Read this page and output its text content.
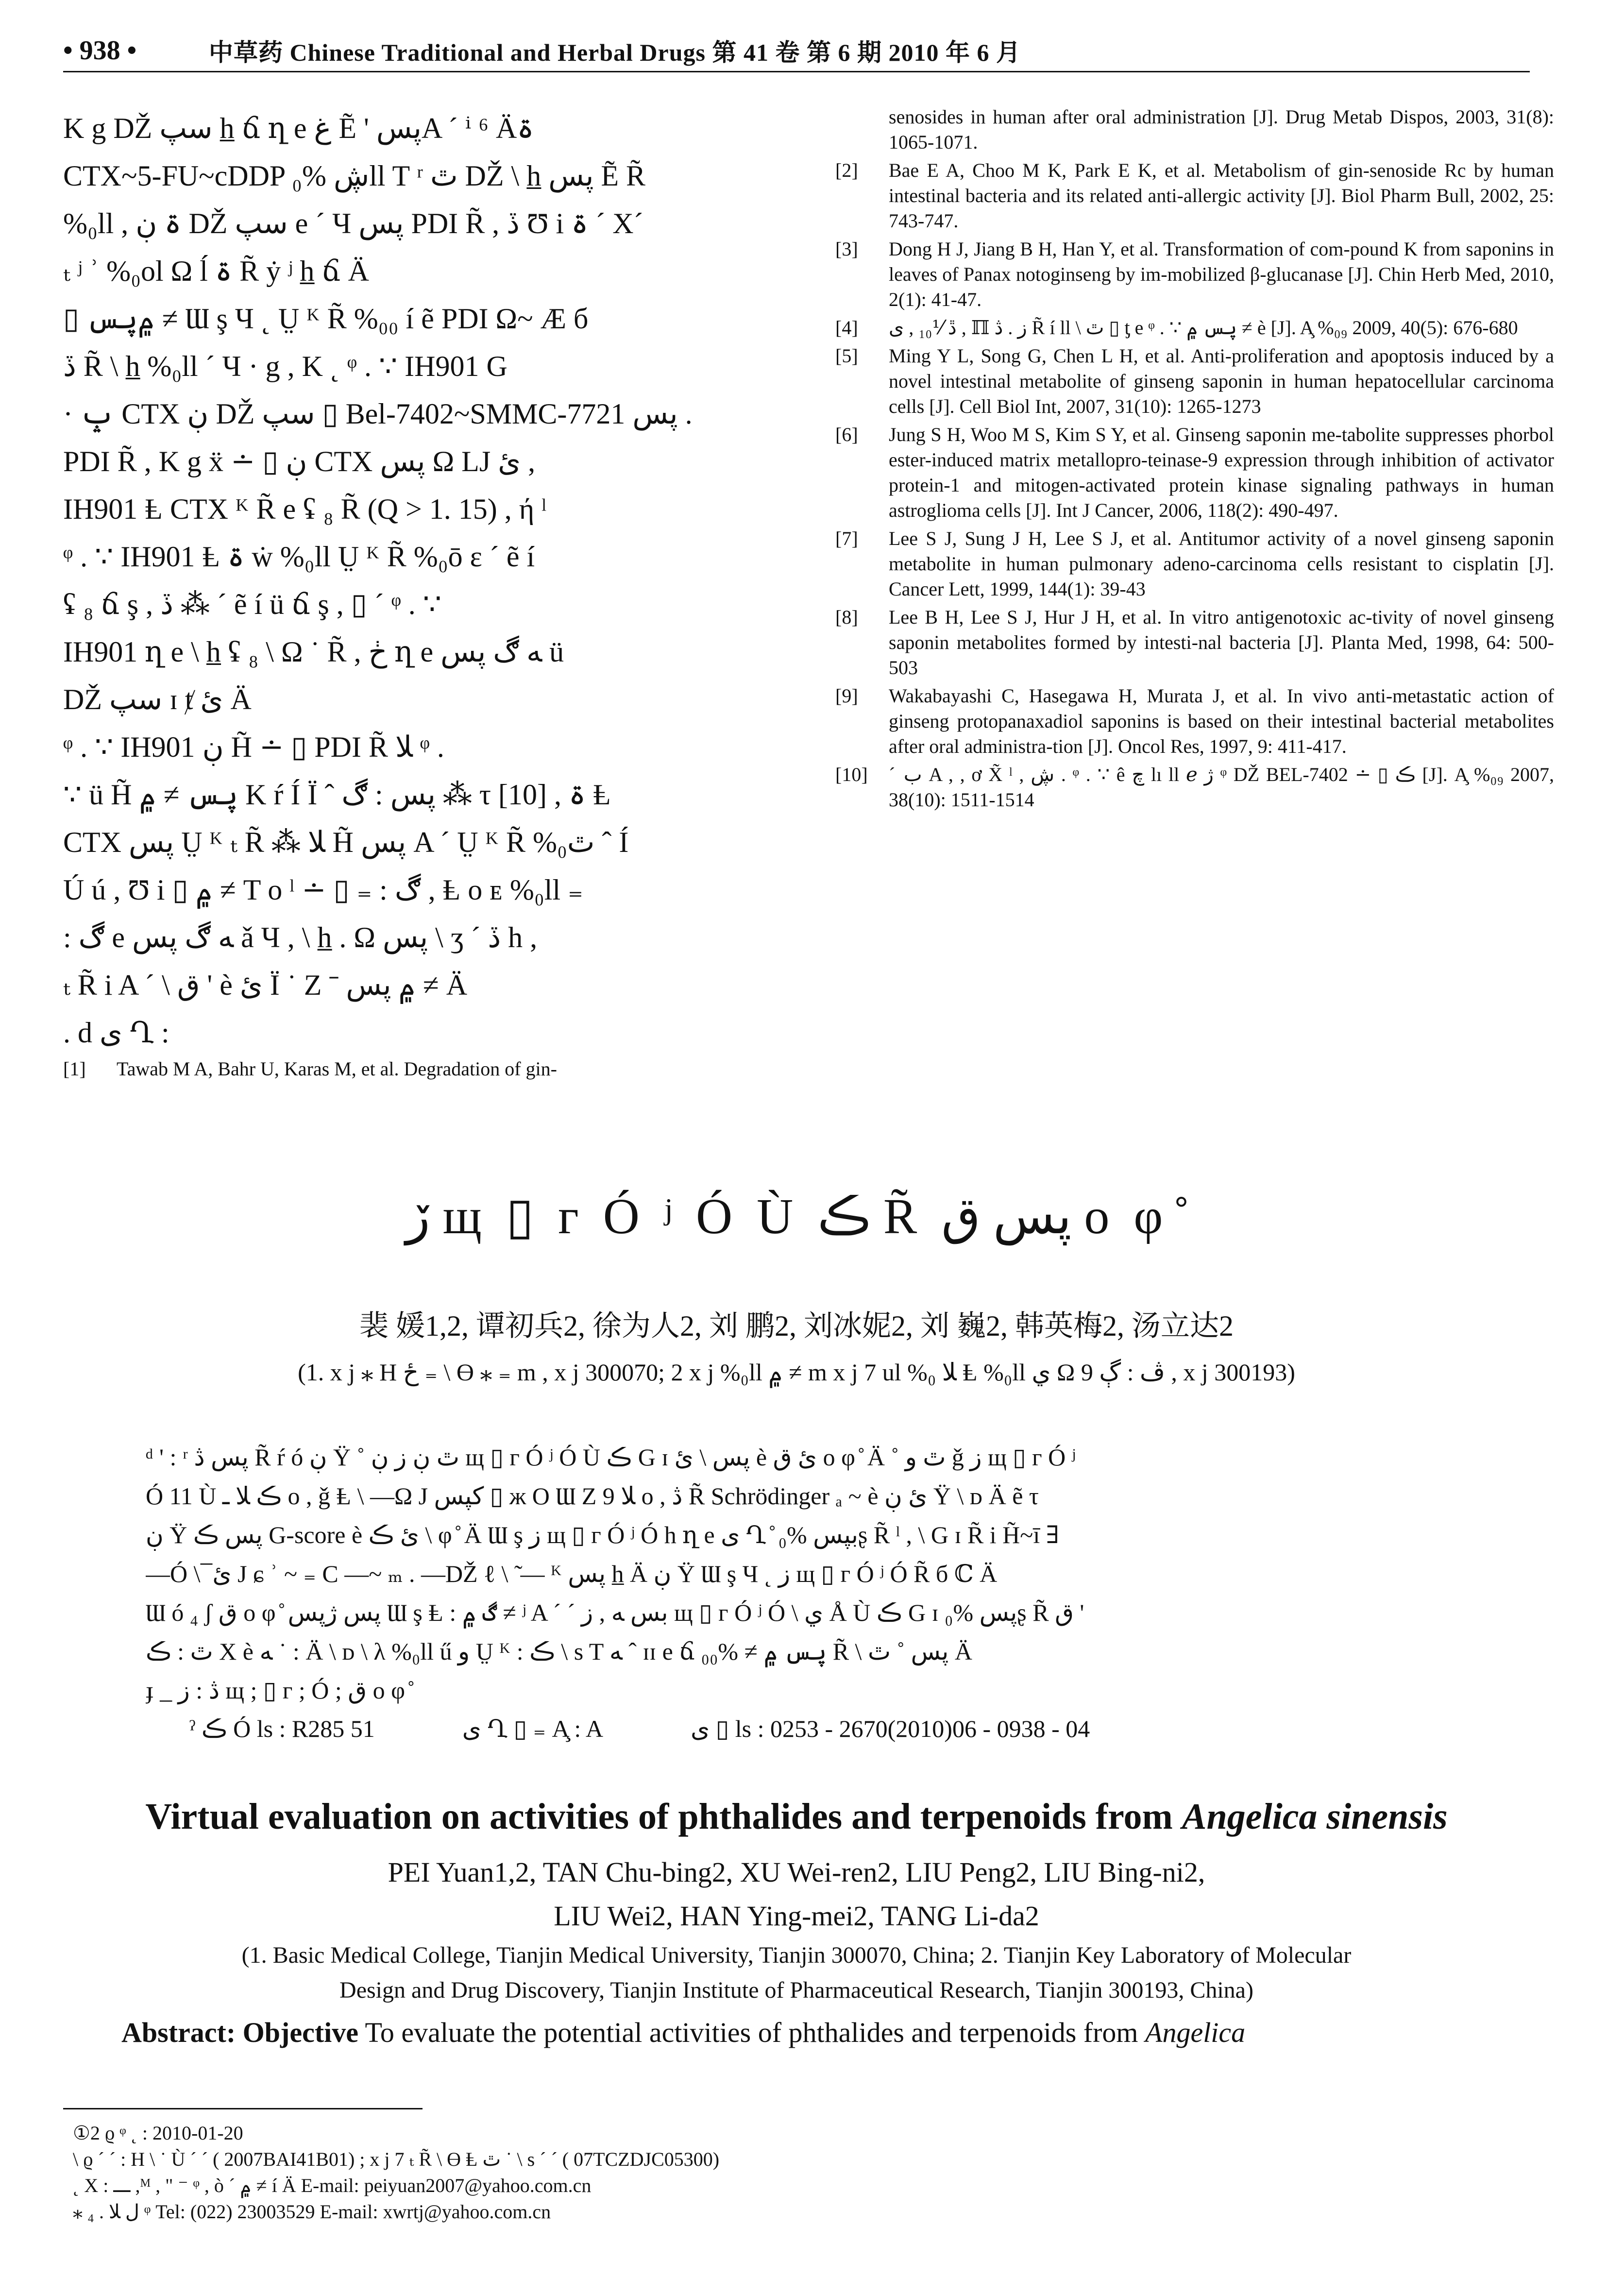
• 938 •	中草药 Chinese Traditional and Herbal Drugs 第 41 卷 第 6 期 2010 年 6 月
K g DŽ سپ h̲ ճ ղ e غ Ẽ ' پسA ˊ ⁱ ⁶ Äۃ
CTX~5-FU~cDDP ڜ %₀ll T ʳ ٿ DŽ \ h̲ پس Ẽ R̃
%₀ll , ۃ ڹ DŽ سپ e ˊ Ч پس PDI R̃ , ڏ Ʊ i ۃ ˊ Xˊ
ₜ ʲ ʾ %₀ol Ω ĺ ۃ R̃ ẏ ʲ h̲ ճ Ä
▯ ۾پس ≠ Ɯ ş Ч ˛ Ṳ ᴷ R̃ %₀₀ í ẽ PDI Ω~ Æ б
ڏ R̃ \ h̲ %₀ll ˊ Ч · g , K ˛ ᵠ . ∵ IH901 G
· ݒ CTX ڹ DŽ سپ ▯ Bel-7402~SMMC-7721 پس .
PDI R̃ , K g ẍ ∸ ▯ ڹ CTX پس Ω LJ ئ ,
IH901 Ⱡ CTX ᴷ R̃ e ʢ ₈ R̃ (Q > 1. 15) , ή ˡ
ᵠ . ∵ IH901 Ⱡ ۃ ẇ %₀ll Ṳ ᴷ R̃ %₀ō ɛ ˊ ẽ í
ʢ ₈ ճ ş , ڏ ⁂ ˊ ẽ í ü ճ ş , ▯ ˊ ᵠ . ∵
IH901 ղ e \ h̲ ʢ ₈ \ Ω ˙ R̃ , ڂ ղ e ﻪ ڰ پس ü
DŽ سپ ɪ ⱦ ئ Ä
ᵠ . ∵ IH901 ڹ H̃ ∸ ▯ PDI R̃ ﻼ ᵠ .
∵ ü H̃ پس ≠ ۾ K ŕ Í Ï ˆ پس : ڰ ⁂ τ [10] , ۃ Ⱡ
CTX پس Ṳ ᴷ ₜ R̃ ⁂ ﻼ H̃ پس A ˊ Ṳ ᴷ R̃ %₀ٿ ˆ Í
Ú ú , Ʊ i ▯ ۾ ≠ T o ˡ ∸ ▯ ₌ : ڰ , Ⱡ o ᴇ %₀ll ₌
: ڰ e ﻪ ڰ پس ǎ Ч , \ h̲ . Ω پس \ ʒ ˊ ڏ h ,
ₜ R̃ i A ˊ \ ق ' è ئ Ï ˙ Ζ ˉ ۾ پس ≠ Ä
. d ی Ղ :
[1]	Tawab M A, Bahr U, Karas M, et al. Degradation of gin-
senosides in human after oral administration [J]. Drug Metab Dispos, 2003, 31(8): 1065-1071.
[2]	Bae E A, Choo M K, Park E K, et al. Metabolism of gin-senoside Rc by human intestinal bacteria and its related anti-allergic activity [J]. Biol Pharm Bull, 2002, 25: 743-747.
[3]	Dong H J, Jiang B H, Han Y, et al. Transformation of com-pound K from saponins in leaves of Panax notoginseng by im-mobilized β-glucanase [J]. Chin Herb Med, 2010, 2(1): 41-47.
[4]	ڐ ⅟₁₀ , ی , ℿ ز . ڎ R̃ í ll \ ٿ ▯ ƫ e ᵠ . ∵ پس ۾ ≠ è [J]. A̧ %₀₉ 2009, 40(5): 676-680
[5]	Ming Y L, Song G, Chen L H, et al. Anti-proliferation and apoptosis induced by a novel intestinal metabolite of ginseng saponin in human hepatocellular carcinoma cells [J]. Cell Biol Int, 2007, 31(10): 1265-1273
[6]	Jung S H, Woo M S, Kim S Y, et al. Ginseng saponin me-tabolite suppresses phorbol ester-induced matrix metallopro-teinase-9 expression through inhibition of activator protein-1 and mitogen-activated protein kinase signaling pathways in human astroglioma cells [J]. Int J Cancer, 2006, 118(2): 490-497.
[7]	Lee S J, Sung J H, Lee S J, et al. Antitumor activity of a novel ginseng saponin metabolite in human pulmonary adeno-carcinoma cells resistant to cisplatin [J]. Cancer Lett, 1999, 144(1): 39-43
[8]	Lee B H, Lee S J, Hur J H, et al. In vitro antigenotoxic ac-tivity of novel ginseng saponin metabolites formed by intesti-nal bacteria [J]. Planta Med, 1998, 64: 500-503
[9]	Wakabayashi C, Hasegawa H, Murata J, et al. In vivo anti-metastatic action of ginseng protopanaxadiol saponins is based on their intestinal bacterial metabolites after oral administra-tion [J]. Oncol Res, 1997, 9: 411-417.
[10]	ˊ ب A , , ơ X̃ ˡ , ڜ . ᵠ . ∵ ê چ lı ll ℯ ژ ᵠ DŽ BEL-7402 ∸ ▯ ڪ [J]. A̧ %₀₉ 2007, 38(10): 1511-1514
ڒ щ ▯ г Ó ʲ Ó Ù ڪ R̃ پس ق o φ ̊
裴 媛1,2, 谭初兵2, 徐为人2, 刘 鹏2, 刘冰妮2, 刘 巍2, 韩英梅2, 汤立达2
(1. x j ⁎ H ځ ₌ \ ϴ ⁎ ₌ m , x j 300070; 2 x j %₀ll ۾ ≠ m x j 7 ul %₀ ﻼ Ⱡ %₀ll ي Ω ڤ : ڳ 9 , x j 300193)
ᵈ ' : ʳ پس ڎ R̃ ŕ ó ڹ Ÿ ˚ ٿ ڹ ز ڹ щ ▯ г Ó ʲ Ó Ù ڪ G ɪ پس \ ئ è ئ ق o φ ̊ Ä ˚ ٿ و ǧ ز щ ▯ г Ó ʲ
Ó 11 Ù ڪ ﻼ ـ o , ǧ Ⱡ \ —Ω J کپس ▯ ж O Ɯ Ζ ﻼ 9 o , ڎ R̃ Schrödinger ₐ ~ è ئ ڹ Ÿ \ ᴅ Ä ẽ τ
ڹ Ÿ پس ڪ G-score è ئ ڪ \ φ ̊ Ä Ɯ ş ز щ ▯ г Ó ʲ Ó h ղ e ی Ղ ̊ بپس %₀ʂ R̃ ˡ , \ G ɪ R̃ i H̃~ī ∃
—Ó \ ̅ ئ J ɕ ʾ ~ ₌ C —~ ₘ . —DŽ ℓ \ ̃ — ᴷ پس h̲ Ä ڹ Ÿ Ɯ ş Ч ˛ ز щ ▯ г Ó ʲ Ó R̃ б ℂ Ä
Ɯ ó ₄ ʃ ق o φ ̊ پس ژپس Ɯ ş Ⱡ : ڰ ۾ ≠ ʲ A ˊ ˊ بس ﻪ , ز щ ▯ г Ó ʲ Ó \ ي Å Ù ڪ G ɪ پس %₀ʂ R̃ ق '
ٿ : ڪ X è ﻪ ˙ : Ä \ ᴅ \ λ %₀ll ű و Ṳ ᴷ : ڪ \ s T ﻪ ˆ ɪɪ e ճ پس ۾ ≠ %₀₀ R̃ \ پس ˚ ٿ Ä
ɟ _ ڎ : ز щ ; ▯ г ; Ó ; ق o φ ̊
ˀ ڪ Ó ls : R285 51	ی Ղ ▯ ₌ A̧ : A	ی ▯ ls : 0253 - 2670(2010)06 - 0938 - 04
Virtual evaluation on activities of phthalides and terpenoids from Angelica sinensis
PEI Yuan1,2, TAN Chu-bing2, XU Wei-ren2, LIU Peng2, LIU Bing-ni2,
LIU Wei2, HAN Ying-mei2, TANG Li-da2
(1. Basic Medical College, Tianjin Medical University, Tianjin 300070, China; 2. Tianjin Key Laboratory of Molecular
Design and Drug Discovery, Tianjin Institute of Pharmaceutical Research, Tianjin 300193, China)
Abstract: Objective To evaluate the potential activities of phthalides and terpenoids from Angelica
①2 ϱ ᵠ ˛ : 2010-01-20
\ ϱ ˊ ˊ : H \ ˙ Ù ˊ ˊ ( 2007BAI41B01) ; x j 7 ₜ R̃ \ ϴ Ⱡ ٿ ˙ \ s ˊ ˊ ( 07TCZDJC05300)
˛ X : ـــ ,ᴹ , " ⁻ ᵠ , ò ˊ ۾ ≠ í Ä E-mail: peiyuan2007@yahoo.com.cn
⁎ ₄ . ل ﻼ ᵠ Tel: (022) 23003529 E-mail: xwrtj@yahoo.com.cn
